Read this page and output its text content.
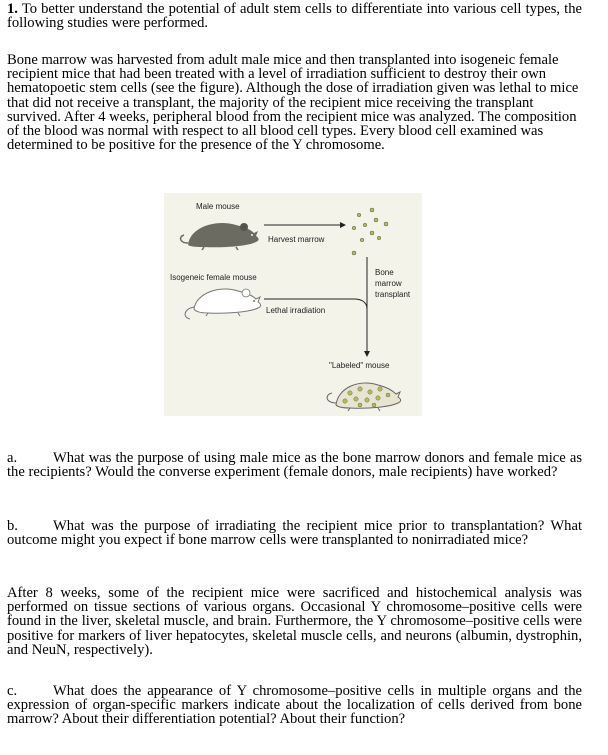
1. To better understand the potential of adult stem cells to differentiate into various cell types, the following studies were performed.

Bone marrow was harvested from adult male mice and then transplanted into isogeneic female recipient mice that had been treated with a level of irradiation sufficient to destroy their own hematopoetic stem cells (see the figure). Although the dose of irradiation given was lethal to mice that did not receive a transplant, the majority of the recipient mice receiving the transplant survived. After 4 weeks, peripheral blood from the recipient mice was analyzed. The composition of the blood was normal with respect to all blood cell types. Every blood cell examined was determined to be positive for the presence of the Y chromosome.

Male mouse
Harvest marrow
Isogeneic female mouse
Lethal irradiation
Bone
marrow
transplant
"Labeled" mouse

a. What was the purpose of using male mice as the bone marrow donors and female mice as the recipients? Would the converse experiment (female donors, male recipients) have worked?

b. What was the purpose of irradiating the recipient mice prior to transplantation? What outcome might you expect if bone marrow cells were transplanted to nonirradiated mice?

After 8 weeks, some of the recipient mice were sacrificed and histochemical analysis was performed on tissue sections of various organs. Occasional Y chromosome–positive cells were found in the liver, skeletal muscle, and brain. Furthermore, the Y chromosome–positive cells were positive for markers of liver hepatocytes, skeletal muscle cells, and neurons (albumin, dystrophin, and NeuN, respectively).

c. What does the appearance of Y chromosome–positive cells in multiple organs and the expression of organ-specific markers indicate about the localization of cells derived from bone marrow? About their differentiation potential? About their function?
